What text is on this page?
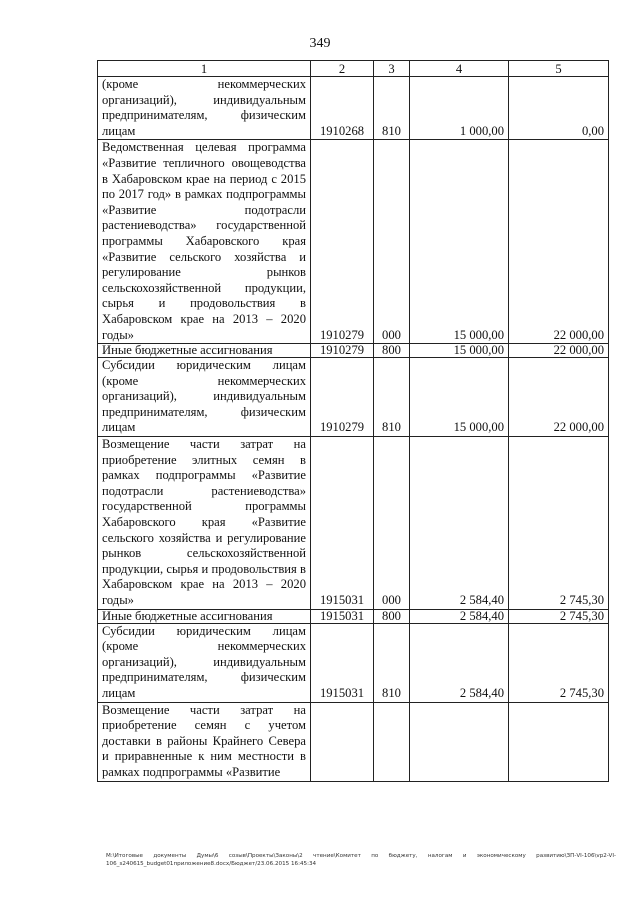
349
1	2	3	4	5
(кроме некоммерческих организаций), индивидуальным предпринимателям, физическим лицам	1910268	810	1 000,00	0,00
Ведомственная целевая программа «Развитие тепличного овощеводства в Хабаровском крае на период с 2015 по 2017 год» в рамках подпрограммы «Развитие подотрасли растениеводства» государственной программы Хабаровского края «Развитие сельского хозяйства и регулирование рынков сельскохозяйственной продукции, сырья и продовольствия в Хабаровском крае на 2013 – 2020 годы»	1910279	000	15 000,00	22 000,00
Иные бюджетные ассигнования	1910279	800	15 000,00	22 000,00
Субсидии юридическим лицам (кроме некоммерческих организаций), индивидуальным предпринимателям, физическим лицам	1910279	810	15 000,00	22 000,00
Возмещение части затрат на приобретение элитных семян в рамках подпрограммы «Развитие подотрасли растениеводства» государственной программы Хабаровского края «Развитие сельского хозяйства и регулирование рынков сельскохозяйственной продукции, сырья и продовольствия в Хабаровском крае на 2013 – 2020 годы»	1915031	000	2 584,40	2 745,30
Иные бюджетные ассигнования	1915031	800	2 584,40	2 745,30
Субсидии юридическим лицам (кроме некоммерческих организаций), индивидуальным предпринимателям, физическим лицам	1915031	810	2 584,40	2 745,30
Возмещение части затрат на приобретение семян с учетом доставки в районы Крайнего Севера и приравненные к ним местности в рамках подпрограммы «Развитие				
M:\Итоговые документы Думы\6 созыв\Проекты\Законы\2 чтение\Комитет по бюджету, налогам и экономическому развитию\ЗП-VI-106\vp2-VI-106_s240615_budget01приложение8.docx/Бюджет/23.06.2015 16:45:34
